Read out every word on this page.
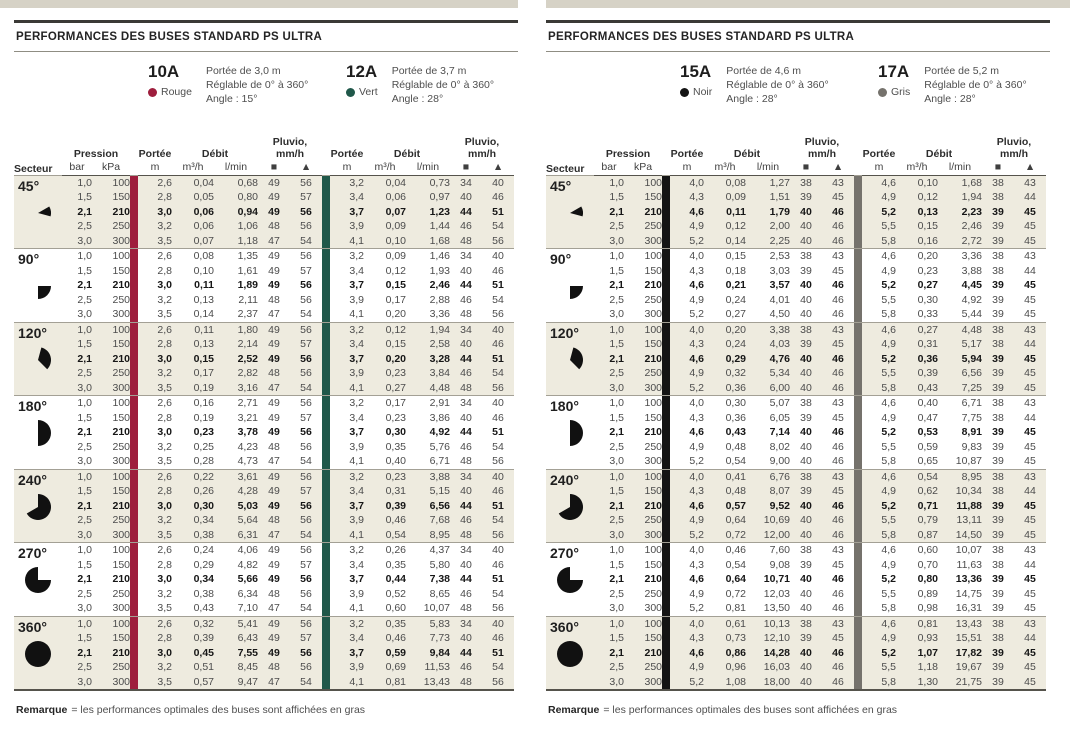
PERFORMANCES DES BUSES STANDARD PS ULTRA
10A
Rouge
Portée de 3,0 m
Réglable de 0° à 360°
Angle : 15°
12A
Vert
Portée de 3,7 m
Réglable de 0° à 360°
Angle : 28°
Secteur	Pression			Portée	Débit		Pluvio, mm/h			Portée	Débit		Pluvio, mm/h	
	bar	kPa		m	m³/h	l/min	■	▲		m	m³/h	l/min	■	▲

45°	1,0	100		2,6	0,04	0,68	49	56		3,2	0,04	0,73	34	40
	1,5	150		2,8	0,05	0,80	49	57		3,4	0,06	0,97	40	46
	2,1	210		3,0	0,06	0,94	49	56		3,7	0,07	1,23	44	51
	2,5	250		3,2	0,06	1,06	48	56		3,9	0,09	1,44	46	54
	3,0	300		3,5	0,07	1,18	47	54		4,1	0,10	1,68	48	56

90°	1,0	100		2,6	0,08	1,35	49	56		3,2	0,09	1,46	34	40
	1,5	150		2,8	0,10	1,61	49	57		3,4	0,12	1,93	40	46
	2,1	210		3,0	0,11	1,89	49	56		3,7	0,15	2,46	44	51
	2,5	250		3,2	0,13	2,11	48	56		3,9	0,17	2,88	46	54
	3,0	300		3,5	0,14	2,37	47	54		4,1	0,20	3,36	48	56

120°	1,0	100		2,6	0,11	1,80	49	56		3,2	0,12	1,94	34	40
	1,5	150		2,8	0,13	2,14	49	57		3,4	0,15	2,58	40	46
	2,1	210		3,0	0,15	2,52	49	56		3,7	0,20	3,28	44	51
	2,5	250		3,2	0,17	2,82	48	56		3,9	0,23	3,84	46	54
	3,0	300		3,5	0,19	3,16	47	54		4,1	0,27	4,48	48	56

180°	1,0	100		2,6	0,16	2,71	49	56		3,2	0,17	2,91	34	40
	1,5	150		2,8	0,19	3,21	49	57		3,4	0,23	3,86	40	46
	2,1	210		3,0	0,23	3,78	49	56		3,7	0,30	4,92	44	51
	2,5	250		3,2	0,25	4,23	48	56		3,9	0,35	5,76	46	54
	3,0	300		3,5	0,28	4,73	47	54		4,1	0,40	6,71	48	56

240°	1,0	100		2,6	0,22	3,61	49	56		3,2	0,23	3,88	34	40
	1,5	150		2,8	0,26	4,28	49	57		3,4	0,31	5,15	40	46
	2,1	210		3,0	0,30	5,03	49	56		3,7	0,39	6,56	44	51
	2,5	250		3,2	0,34	5,64	48	56		3,9	0,46	7,68	46	54
	3,0	300		3,5	0,38	6,31	47	54		4,1	0,54	8,95	48	56

270°	1,0	100		2,6	0,24	4,06	49	56		3,2	0,26	4,37	34	40
	1,5	150		2,8	0,29	4,82	49	57		3,4	0,35	5,80	40	46
	2,1	210		3,0	0,34	5,66	49	56		3,7	0,44	7,38	44	51
	2,5	250		3,2	0,38	6,34	48	56		3,9	0,52	8,65	46	54
	3,0	300		3,5	0,43	7,10	47	54		4,1	0,60	10,07	48	56

360°	1,0	100		2,6	0,32	5,41	49	56		3,2	0,35	5,83	34	40
	1,5	150		2,8	0,39	6,43	49	57		3,4	0,46	7,73	40	46
	2,1	210		3,0	0,45	7,55	49	56		3,7	0,59	9,84	44	51
	2,5	250		3,2	0,51	8,45	48	56		3,9	0,69	11,53	46	54
	3,0	300		3,5	0,57	9,47	47	54		4,1	0,81	13,43	48	56

Remarque = les performances optimales des buses sont affichées en gras

PERFORMANCES DES BUSES STANDARD PS ULTRA
15A
Noir
Portée de 4,6 m
Réglable de 0° à 360°
Angle : 28°
17A
Gris
Portée de 5,2 m
Réglable de 0° à 360°
Angle : 28°
Secteur	Pression			Portée	Débit		Pluvio, mm/h			Portée	Débit		Pluvio, mm/h	
	bar	kPa		m	m³/h	l/min	■	▲		m	m³/h	l/min	■	▲

45°	1,0	100		4,0	0,08	1,27	38	43		4,6	0,10	1,68	38	43
	1,5	150		4,3	0,09	1,51	39	45		4,9	0,12	1,94	38	44
	2,1	210		4,6	0,11	1,79	40	46		5,2	0,13	2,23	39	45
	2,5	250		4,9	0,12	2,00	40	46		5,5	0,15	2,46	39	45
	3,0	300		5,2	0,14	2,25	40	46		5,8	0,16	2,72	39	45

90°	1,0	100		4,0	0,15	2,53	38	43		4,6	0,20	3,36	38	43
	1,5	150		4,3	0,18	3,03	39	45		4,9	0,23	3,88	38	44
	2,1	210		4,6	0,21	3,57	40	46		5,2	0,27	4,45	39	45
	2,5	250		4,9	0,24	4,01	40	46		5,5	0,30	4,92	39	45
	3,0	300		5,2	0,27	4,50	40	46		5,8	0,33	5,44	39	45

120°	1,0	100		4,0	0,20	3,38	38	43		4,6	0,27	4,48	38	43
	1,5	150		4,3	0,24	4,03	39	45		4,9	0,31	5,17	38	44
	2,1	210		4,6	0,29	4,76	40	46		5,2	0,36	5,94	39	45
	2,5	250		4,9	0,32	5,34	40	46		5,5	0,39	6,56	39	45
	3,0	300		5,2	0,36	6,00	40	46		5,8	0,43	7,25	39	45

180°	1,0	100		4,0	0,30	5,07	38	43		4,6	0,40	6,71	38	43
	1,5	150		4,3	0,36	6,05	39	45		4,9	0,47	7,75	38	44
	2,1	210		4,6	0,43	7,14	40	46		5,2	0,53	8,91	39	45
	2,5	250		4,9	0,48	8,02	40	46		5,5	0,59	9,83	39	45
	3,0	300		5,2	0,54	9,00	40	46		5,8	0,65	10,87	39	45

240°	1,0	100		4,0	0,41	6,76	38	43		4,6	0,54	8,95	38	43
	1,5	150		4,3	0,48	8,07	39	45		4,9	0,62	10,34	38	44
	2,1	210		4,6	0,57	9,52	40	46		5,2	0,71	11,88	39	45
	2,5	250		4,9	0,64	10,69	40	46		5,5	0,79	13,11	39	45
	3,0	300		5,2	0,72	12,00	40	46		5,8	0,87	14,50	39	45

270°	1,0	100		4,0	0,46	7,60	38	43		4,6	0,60	10,07	38	43
	1,5	150		4,3	0,54	9,08	39	45		4,9	0,70	11,63	38	44
	2,1	210		4,6	0,64	10,71	40	46		5,2	0,80	13,36	39	45
	2,5	250		4,9	0,72	12,03	40	46		5,5	0,89	14,75	39	45
	3,0	300		5,2	0,81	13,50	40	46		5,8	0,98	16,31	39	45

360°	1,0	100		4,0	0,61	10,13	38	43		4,6	0,81	13,43	38	43
	1,5	150		4,3	0,73	12,10	39	45		4,9	0,93	15,51	38	44
	2,1	210		4,6	0,86	14,28	40	46		5,2	1,07	17,82	39	45
	2,5	250		4,9	0,96	16,03	40	46		5,5	1,18	19,67	39	45
	3,0	300		5,2	1,08	18,00	40	46		5,8	1,30	21,75	39	45

Remarque = les performances optimales des buses sont affichées en gras
